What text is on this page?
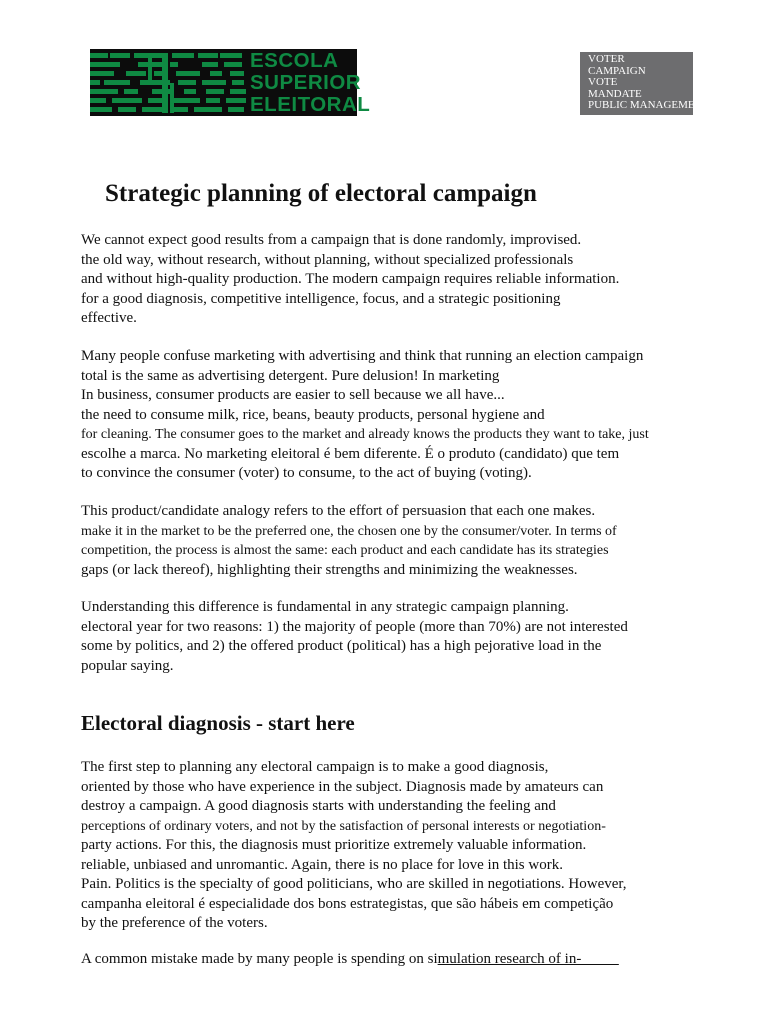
ESCOLA
SUPERIOR
ELEITORAL
VOTER
CAMPAIGN
VOTE
MANDATE
PUBLIC MANAGEMENT
Strategic planning of electoral campaign
We cannot expect good results from a campaign that is done randomly, improvised.
the old way, without research, without planning, without specialized professionals
and without high-quality production. The modern campaign requires reliable information.
for a good diagnosis, competitive intelligence, focus, and a strategic positioning
effective.
Many people confuse marketing with advertising and think that running an election campaign
total is the same as advertising detergent. Pure delusion! In marketing
In business, consumer products are easier to sell because we all have...
the need to consume milk, rice, beans, beauty products, personal hygiene and
for cleaning. The consumer goes to the market and already knows the products they want to take, just
escolhe a marca. No marketing eleitoral é bem diferente. É o produto (candidato) que tem
to convince the consumer (voter) to consume, to the act of buying (voting).
This product/candidate analogy refers to the effort of persuasion that each one makes.
make it in the market to be the preferred one, the chosen one by the consumer/voter. In terms of
competition, the process is almost the same: each product and each candidate has its strategies
gaps (or lack thereof), highlighting their strengths and minimizing the weaknesses.
Understanding this difference is fundamental in any strategic campaign planning.
electoral year for two reasons: 1) the majority of people (more than 70%) are not interested
some by politics, and 2) the offered product (political) has a high pejorative load in the
popular saying.
Electoral diagnosis - start here
The first step to planning any electoral campaign is to make a good diagnosis,
oriented by those who have experience in the subject. Diagnosis made by amateurs can
destroy a campaign. A good diagnosis starts with understanding the feeling and
perceptions of ordinary voters, and not by the satisfaction of personal interests or negotiation-
party actions. For this, the diagnosis must prioritize extremely valuable information.
reliable, unbiased and unromantic. Again, there is no place for love in this work.
Pain. Politics is the specialty of good politicians, who are skilled in negotiations. However,
campanha eleitoral é especialidade dos bons estrategistas, que são hábeis em competição
by the preference of the voters.
A common mistake made by many people is spending on simulation research of in-
